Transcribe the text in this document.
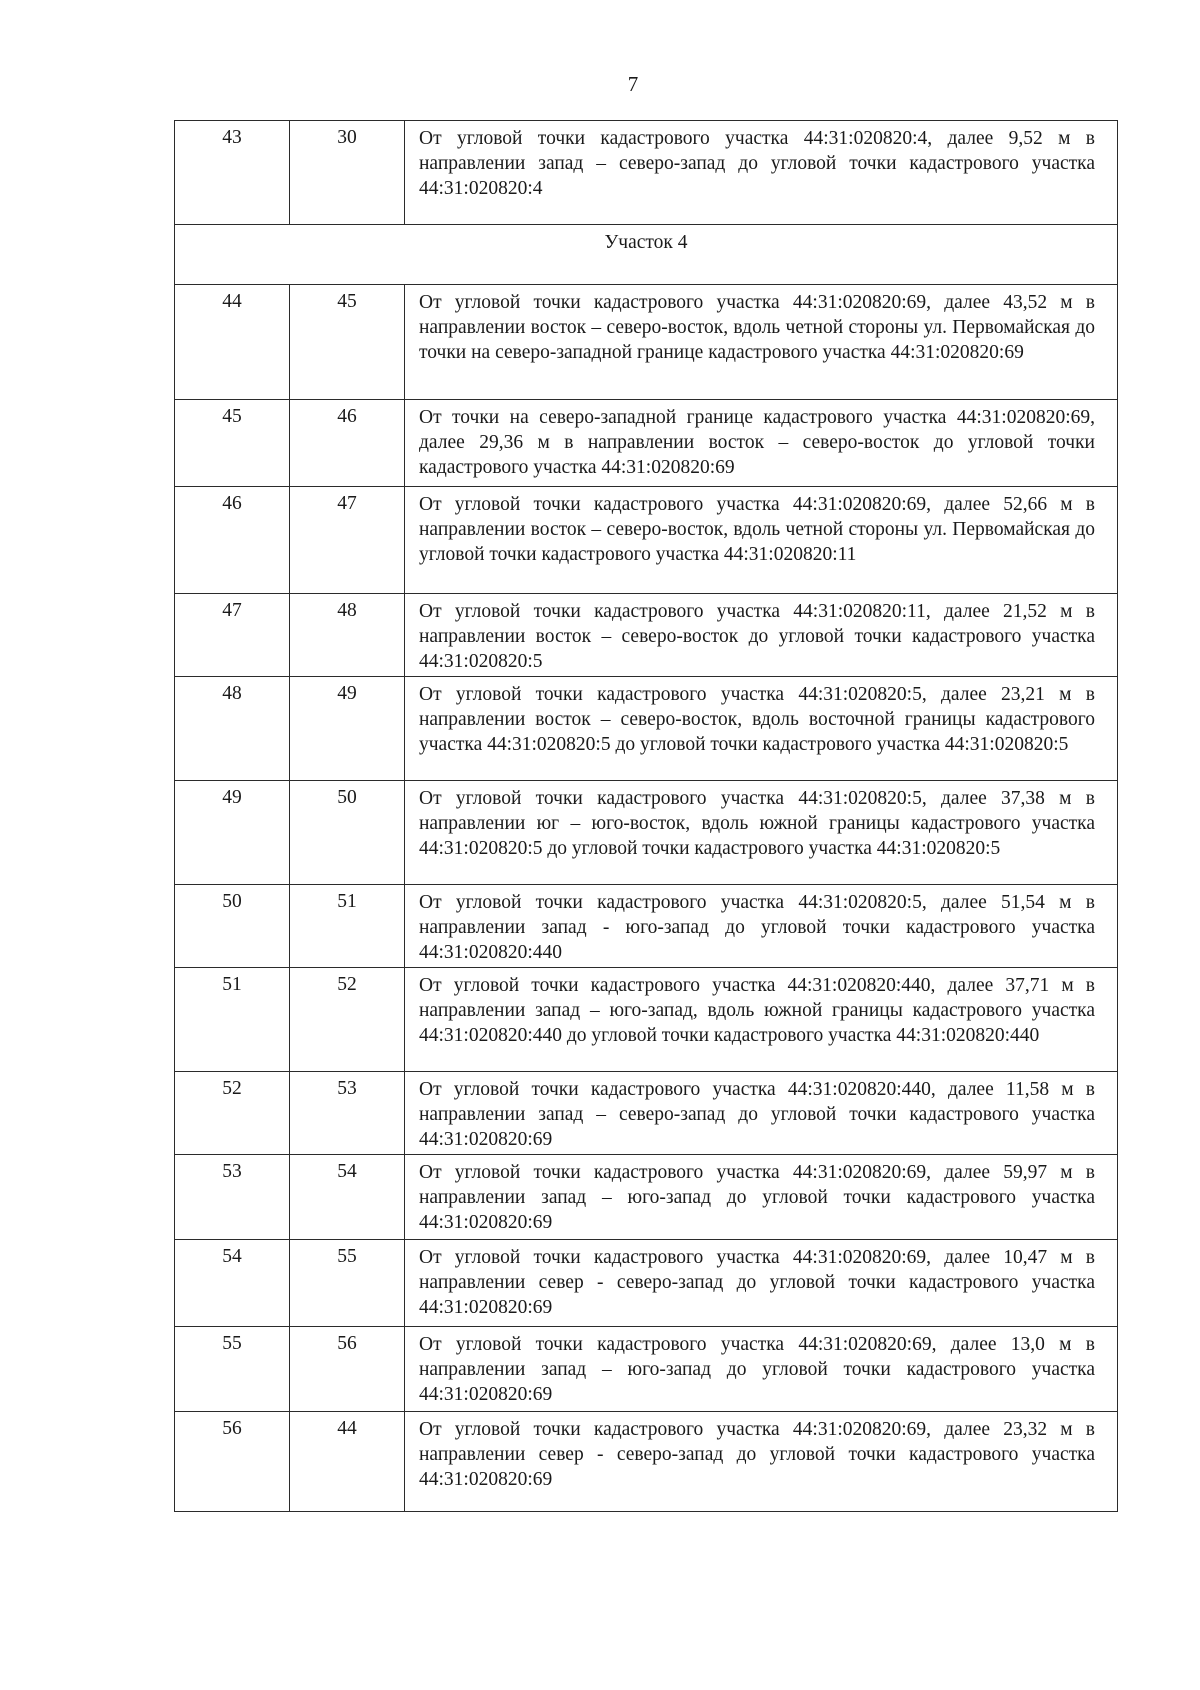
7
43	30	От угловой точки кадастрового участка 44:31:020820:4, далее 9,52 м в направлении запад – северо-запад до угловой точки кадастрового участка 44:31:020820:4
Участок 4		
44	45	От угловой точки кадастрового участка 44:31:020820:69, далее 43,52 м в направлении восток – северо-восток, вдоль четной стороны ул. Первомайская до точки на северо-западной границе кадастрового участка 44:31:020820:69
45	46	От точки на северо-западной границе кадастрового участка 44:31:020820:69, далее 29,36 м в направлении восток – северо-восток до угловой точки кадастрового участка 44:31:020820:69
46	47	От угловой точки кадастрового участка 44:31:020820:69, далее 52,66 м в направлении восток – северо-восток, вдоль четной стороны ул. Первомайская до угловой точки кадастрового участка 44:31:020820:11
47	48	От угловой точки кадастрового участка 44:31:020820:11, далее 21,52 м в направлении восток – северо-восток до угловой точки кадастрового участка 44:31:020820:5
48	49	От угловой точки кадастрового участка 44:31:020820:5, далее 23,21 м в направлении восток – северо-восток, вдоль восточной границы кадастрового участка 44:31:020820:5 до угловой точки кадастрового участка 44:31:020820:5
49	50	От угловой точки кадастрового участка 44:31:020820:5, далее 37,38 м в направлении юг – юго-восток, вдоль южной границы кадастрового участка 44:31:020820:5 до угловой точки кадастрового участка 44:31:020820:5
50	51	От угловой точки кадастрового участка 44:31:020820:5, далее 51,54 м в направлении запад - юго-запад до угловой точки кадастрового участка 44:31:020820:440
51	52	От угловой точки кадастрового участка 44:31:020820:440, далее 37,71 м в направлении запад – юго-запад, вдоль южной границы кадастрового участка 44:31:020820:440 до угловой точки кадастрового участка 44:31:020820:440
52	53	От угловой точки кадастрового участка 44:31:020820:440, далее 11,58 м в направлении запад – северо-запад до угловой точки кадастрового участка 44:31:020820:69
53	54	От угловой точки кадастрового участка 44:31:020820:69, далее 59,97 м в направлении запад – юго-запад до угловой точки кадастрового участка 44:31:020820:69
54	55	От угловой точки кадастрового участка 44:31:020820:69, далее 10,47 м в направлении север - северо-запад до угловой точки кадастрового участка 44:31:020820:69
55	56	От угловой точки кадастрового участка 44:31:020820:69, далее 13,0 м в направлении запад – юго-запад до угловой точки кадастрового участка 44:31:020820:69
56	44	От угловой точки кадастрового участка 44:31:020820:69, далее 23,32 м в направлении север - северо-запад до угловой точки кадастрового участка 44:31:020820:69
